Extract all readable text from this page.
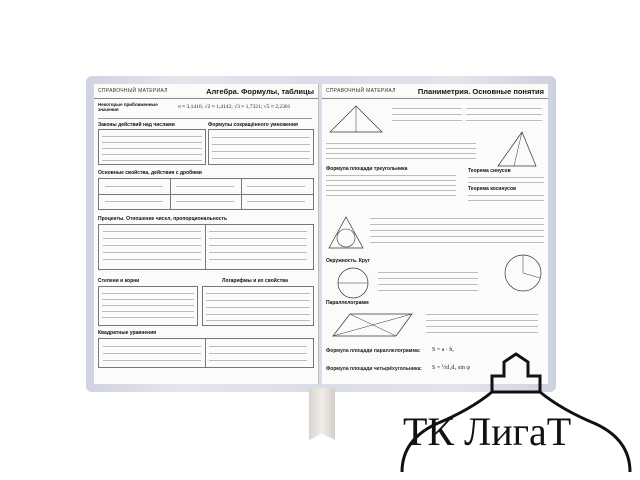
СПРАВОЧНЫЙ МАТЕРИАЛ	Алгебра. Формулы, таблицы
Некоторые приближенные значения	π ≈ 3,1416; √2 ≈ 1,4142; √3 ≈ 1,7321; √5 ≈ 2,2361
Законы действий над числами	Формулы сокращённого умножения
Основные свойства, действия с дробями
Проценты. Отношение чисел, пропорциональность
Степени и корни	Логарифмы и их свойства
Квадратные уравнения
СПРАВОЧНЫЙ МАТЕРИАЛ	Планиметрия. Основные понятия
Формула площади треугольника	Теорема синусов
Теорема косинусов
Окружность. Круг
Параллелограмм
Формула площади параллелограмма: S = a · hₐ
Формула площади четырёхугольника: S = ½d₁d₂ sin φ
ТК ЛигаТ
